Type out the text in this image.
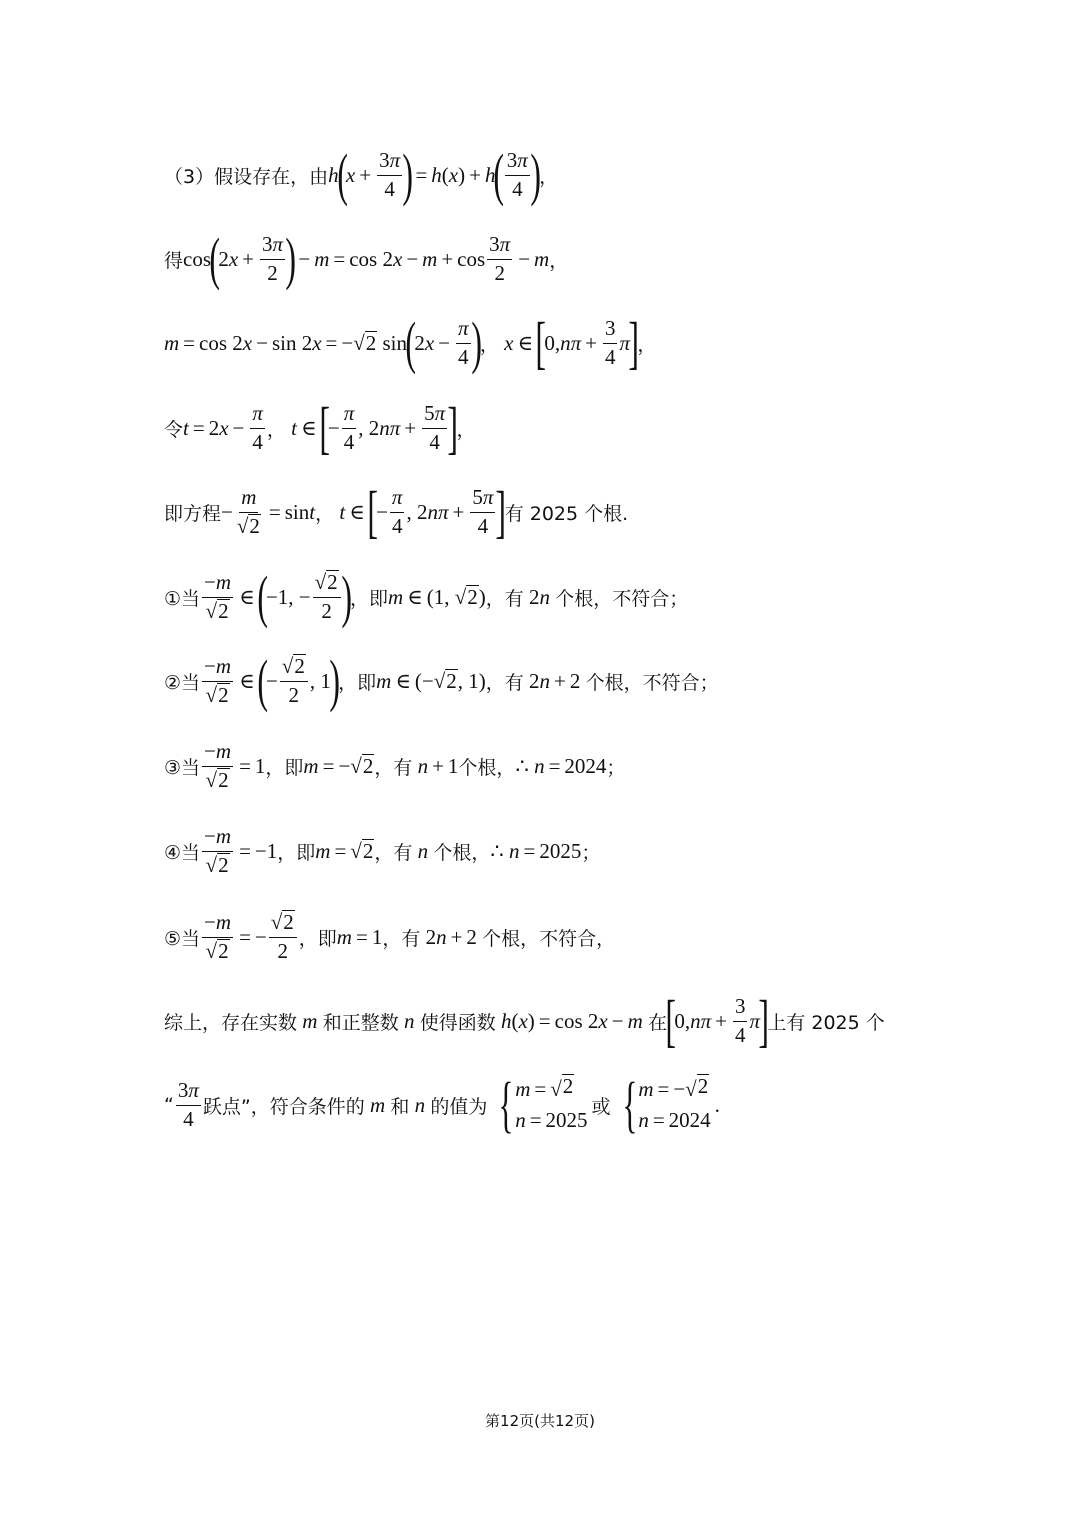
（3）假设存在，由 h
(
$x + \frac{3\pi}{4}$ ) = h ( x ) + h
( $\frac{3\pi}{4}$ )
，
得 cos
(
2 $x + \frac{3\pi}{2}$ ) − m = cos 2 $x - m + \cos \frac{3\pi}{2} - m$ ，
m = cos 2 x − sin 2 x = − √ 2 sin
(
2 $x - \frac{\pi}{4}$ )
，
x ∈ [
0, $n\pi + \frac{3}{4}$ π
]
，
令 t = 2 $x - \frac{\pi}{4}$ ，
t ∈ [
− $\frac{\pi}{4}$ , 2 $n\pi + \frac{5\pi}{4}$ ]
，
即方程 − $\frac{m}{√ 2} = \sin t$ ，
t ∈ [
− $\frac{\pi}{4}$ , 2 $n\pi + \frac{5\pi}{4}$ ]
有 2025 个根.
①当 $\frac{-m}{√ 2}$ ∈ (
−1, − $\frac{√ 2}{2}$ )
，即 m ∈ (1, √ 2 ) ，有 2n 个根，不符合；
②当 $\frac{-m}{√ 2}$ ∈ (
− $\frac{√ 2}{2}$ , 1
)
，即 m ∈ (− √ 2 , 1) ，有 2n + 2 个根，不符合；
③当 $\frac{-m}{√ 2} = 1$ ，即 m = − √ 2 ，有 n + 1 个根， ∴ n = 2024 ；
④当 $\frac{-m}{√ 2} = -1$ ，即 m = √ 2 ，有 n 个根， ∴ n = 2025 ；
⑤当 $\frac{-m}{√ 2}$ = − $\frac{√ 2}{2}$ ，即 m = 1 ，有 2n + 2 个根，不符合，
综上，存在实数 m 和正整数 n 使得函数 h(x) = cos 2x − m 在
[
0, $n\pi + \frac{3}{4}$ π
]
上有 2025 个
“ $\frac{3\pi}{4}$ 跃点”，符合条件的 m 和 n 的值为 { m = √ 2
n = 2025
或 { m = − √ 2
n = 2024
.
第12页(共12页)
